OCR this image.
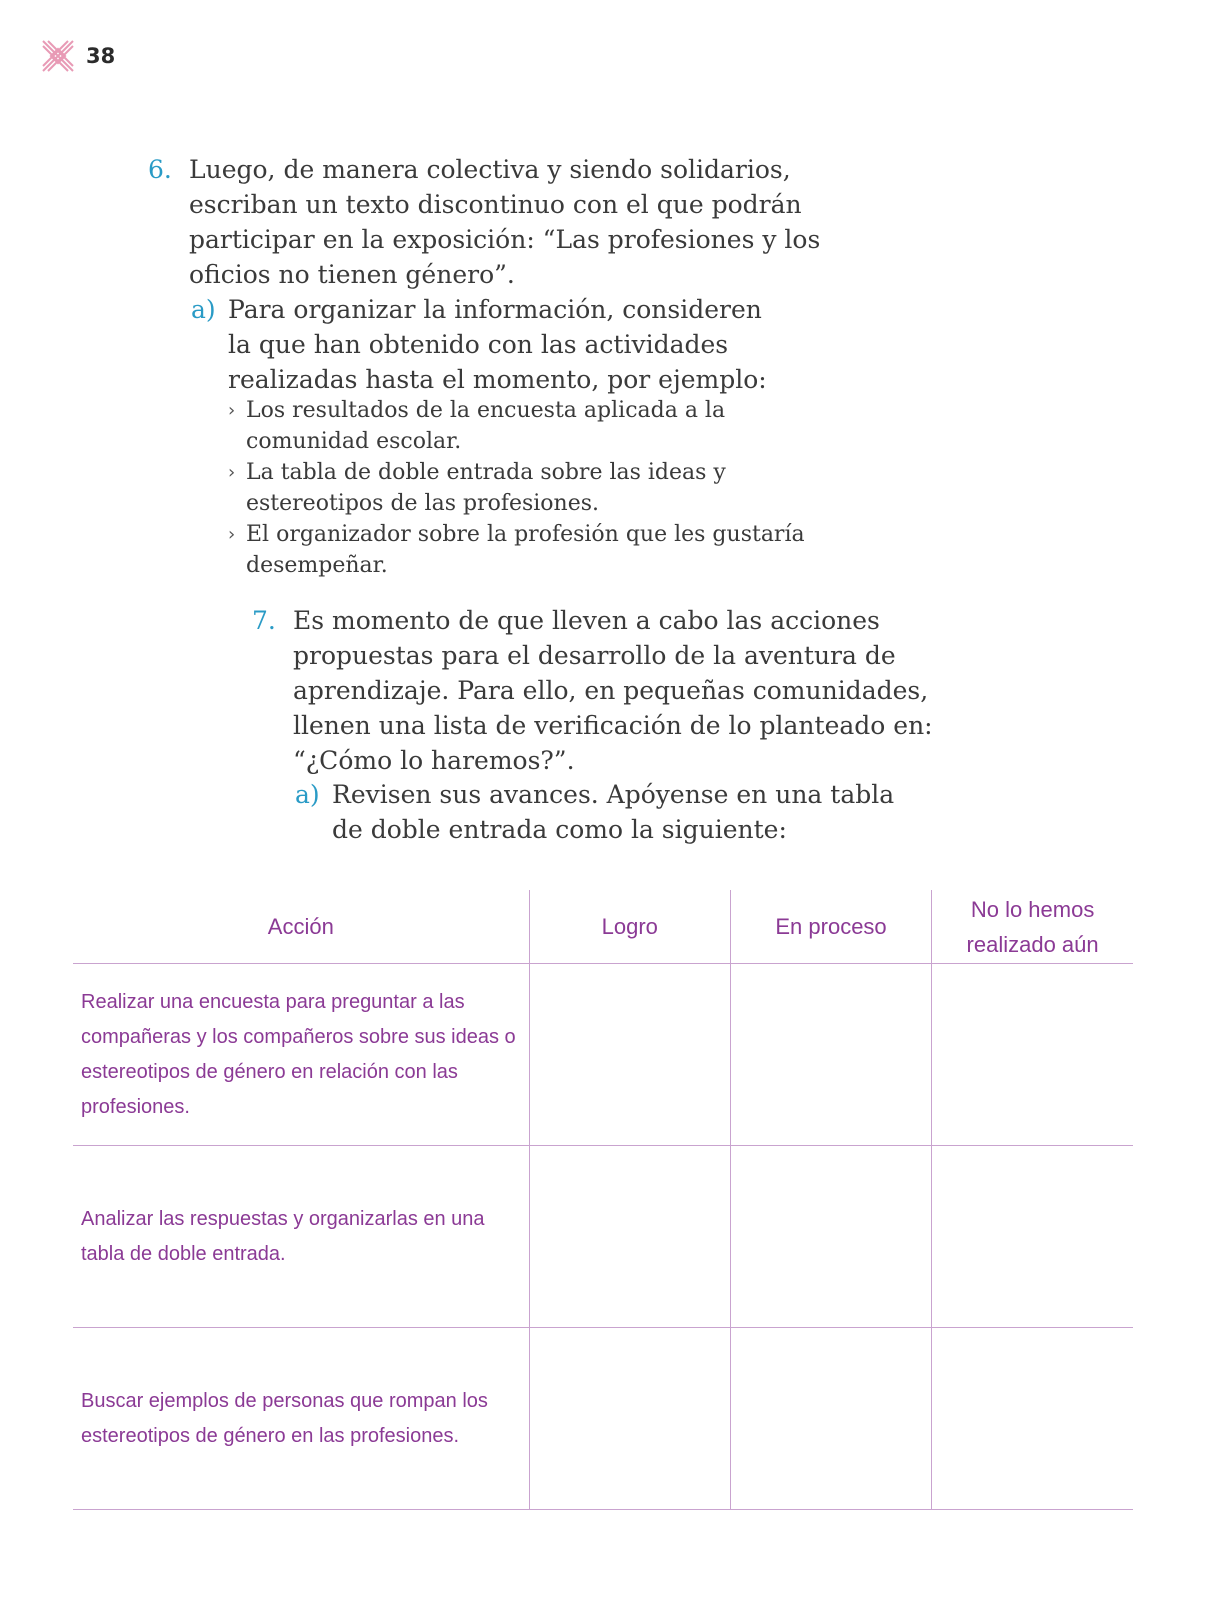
38
6. Luego, de manera colectiva y siendo solidarios,
escriban un texto discontinuo con el que podrán
participar en la exposición: “Las profesiones y los
oficios no tienen género”.
a) Para organizar la información, consideren
la que han obtenido con las actividades
realizadas hasta el momento, por ejemplo:
› Los resultados de la encuesta aplicada a la
comunidad escolar.
› La tabla de doble entrada sobre las ideas y
estereotipos de las profesiones.
› El organizador sobre la profesión que les gustaría
desempeñar.
7. Es momento de que lleven a cabo las acciones
propuestas para el desarrollo de la aventura de
aprendizaje. Para ello, en pequeñas comunidades,
llenen una lista de verificación de lo planteado en:
“¿Cómo lo haremos?”.
a) Revisen sus avances. Apóyense en una tabla
de doble entrada como la siguiente:
Acción	Logro	En proceso	No lo hemos realizado aún
Realizar una encuesta para preguntar a las compañeras y los compañeros sobre sus ideas o estereotipos de género en relación con las profesiones.			
Analizar las respuestas y organizarlas en una tabla de doble entrada.			
Buscar ejemplos de personas que rompan los estereotipos de género en las profesiones.			
